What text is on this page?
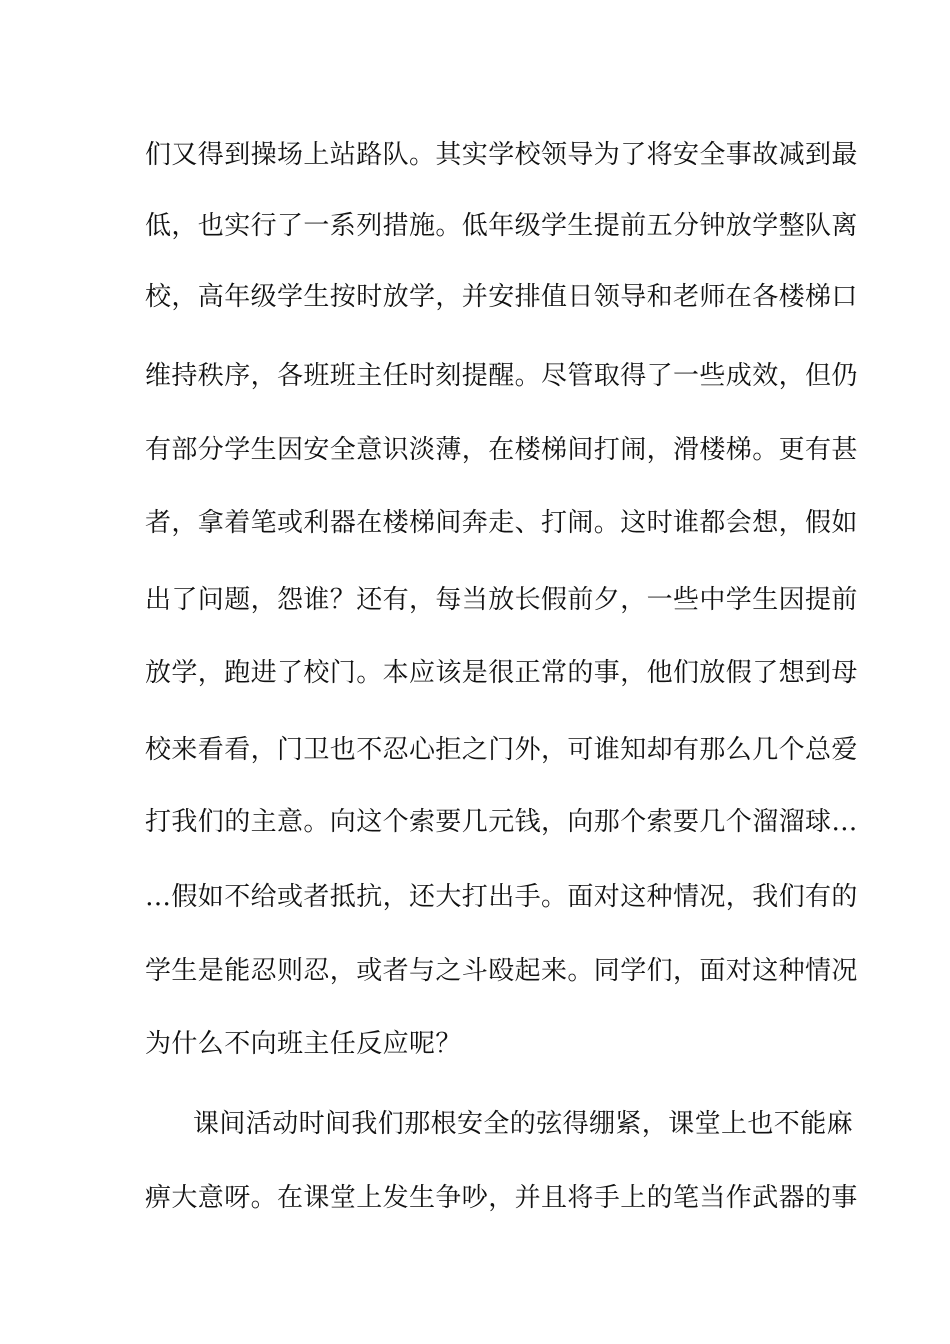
们又得到操场上站路队。其实学校领导为了将安全事故减到最
低，也实行了一系列措施。低年级学生提前五分钟放学整队离
校，高年级学生按时放学，并安排值日领导和老师在各楼梯口
维持秩序，各班班主任时刻提醒。尽管取得了一些成效，但仍
有部分学生因安全意识淡薄，在楼梯间打闹，滑楼梯。更有甚
者，拿着笔或利器在楼梯间奔走、打闹。这时谁都会想，假如
出了问题，怨谁？还有，每当放长假前夕，一些中学生因提前
放学，跑进了校门。本应该是很正常的事，他们放假了想到母
校来看看，门卫也不忍心拒之门外，可谁知却有那么几个总爱
打我们的主意。向这个索要几元钱，向那个索要几个溜溜球…
…假如不给或者抵抗，还大打出手。面对这种情况，我们有的
学生是能忍则忍，或者与之斗殴起来。同学们，面对这种情况
为什么不向班主任反应呢？
课间活动时间我们那根安全的弦得绷紧，课堂上也不能麻
痹大意呀。在课堂上发生争吵，并且将手上的笔当作武器的事
